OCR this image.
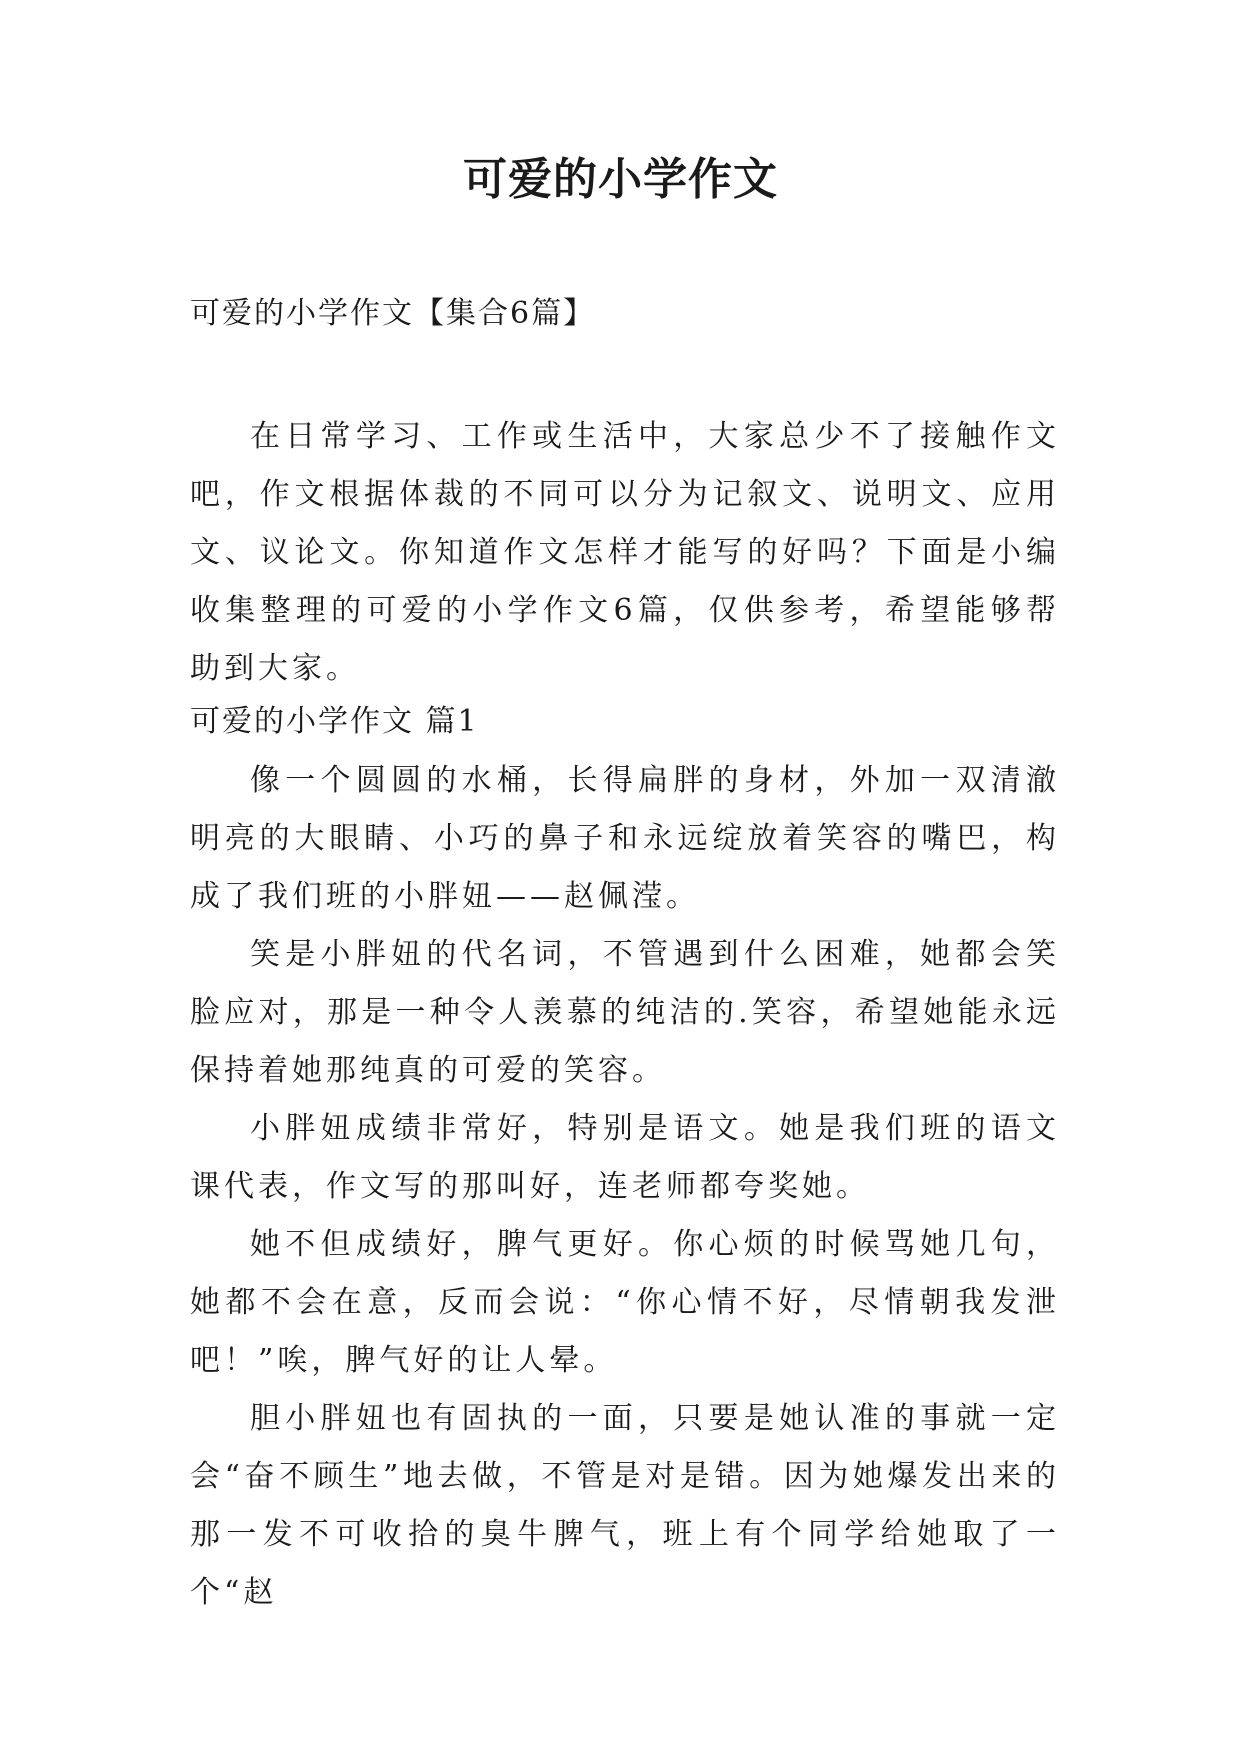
可爱的小学作文
可爱的小学作文【集合6篇】

在日常学习、工作或生活中，大家总少不了接触作文吧，作文根据体裁的不同可以分为记叙文、说明文、应用文、议论文。你知道作文怎样才能写的好吗？下面是小编收集整理的可爱的小学作文6篇，仅供参考，希望能够帮助到大家。

可爱的小学作文 篇1

像一个圆圆的水桶，长得扁胖的身材，外加一双清澈明亮的大眼睛、小巧的鼻子和永远绽放着笑容的嘴巴，构成了我们班的小胖妞——赵佩滢。

笑是小胖妞的代名词，不管遇到什么困难，她都会笑脸应对，那是一种令人羡慕的纯洁的.笑容，希望她能永远保持着她那纯真的可爱的笑容。

小胖妞成绩非常好，特别是语文。她是我们班的语文课代表，作文写的那叫好，连老师都夸奖她。

她不但成绩好，脾气更好。你心烦的时候骂她几句，她都不会在意，反而会说：“你心情不好，尽情朝我发泄吧！”唉，脾气好的让人晕。

胆小胖妞也有固执的一面，只要是她认准的事就一定会“奋不顾生”地去做，不管是对是错。因为她爆发出来的那一发不可收拾的臭牛脾气，班上有个同学给她取了一个“赵
